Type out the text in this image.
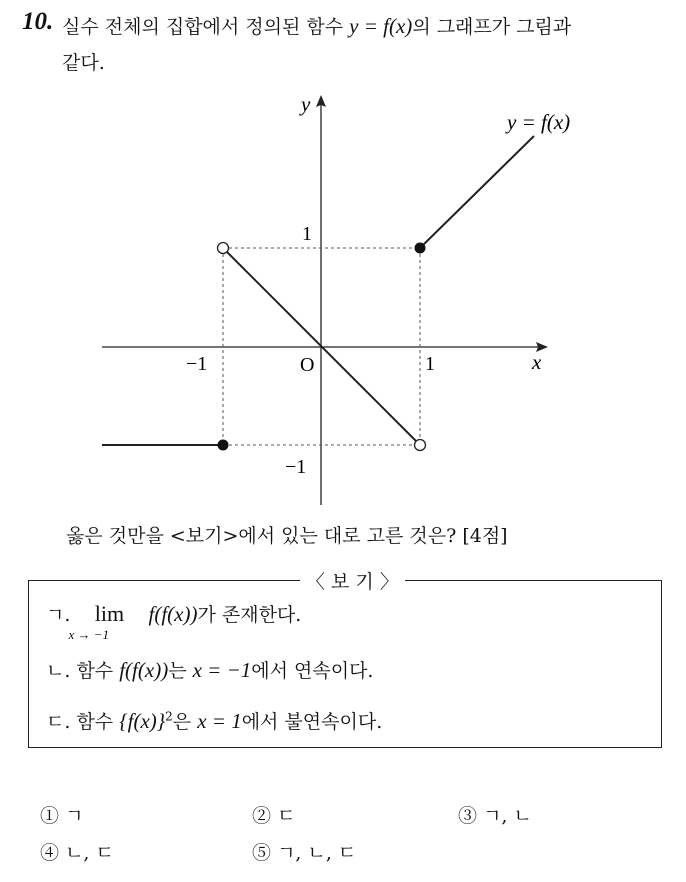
10. 실수 전체의 집합에서 정의된 함수 y = f(x)의 그래프가 그림과
같다.
y
x
O
−1	1
1
−1
y = f(x)
옳은 것만을 <보기>에서 있는 대로 고른 것은? [4점]
〈 보 기 〉
ㄱ. lim
x → −1
f(f(x))가 존재한다.
ㄴ. 함수 f(f(x))는 x = −1에서 연속이다.
ㄷ. 함수 $\{f(x)\}^2$은 x = 1에서 불연속이다.
① ㄱ	② ㄷ	③ ㄱ, ㄴ
④ ㄴ, ㄷ	⑤ ㄱ, ㄴ, ㄷ
